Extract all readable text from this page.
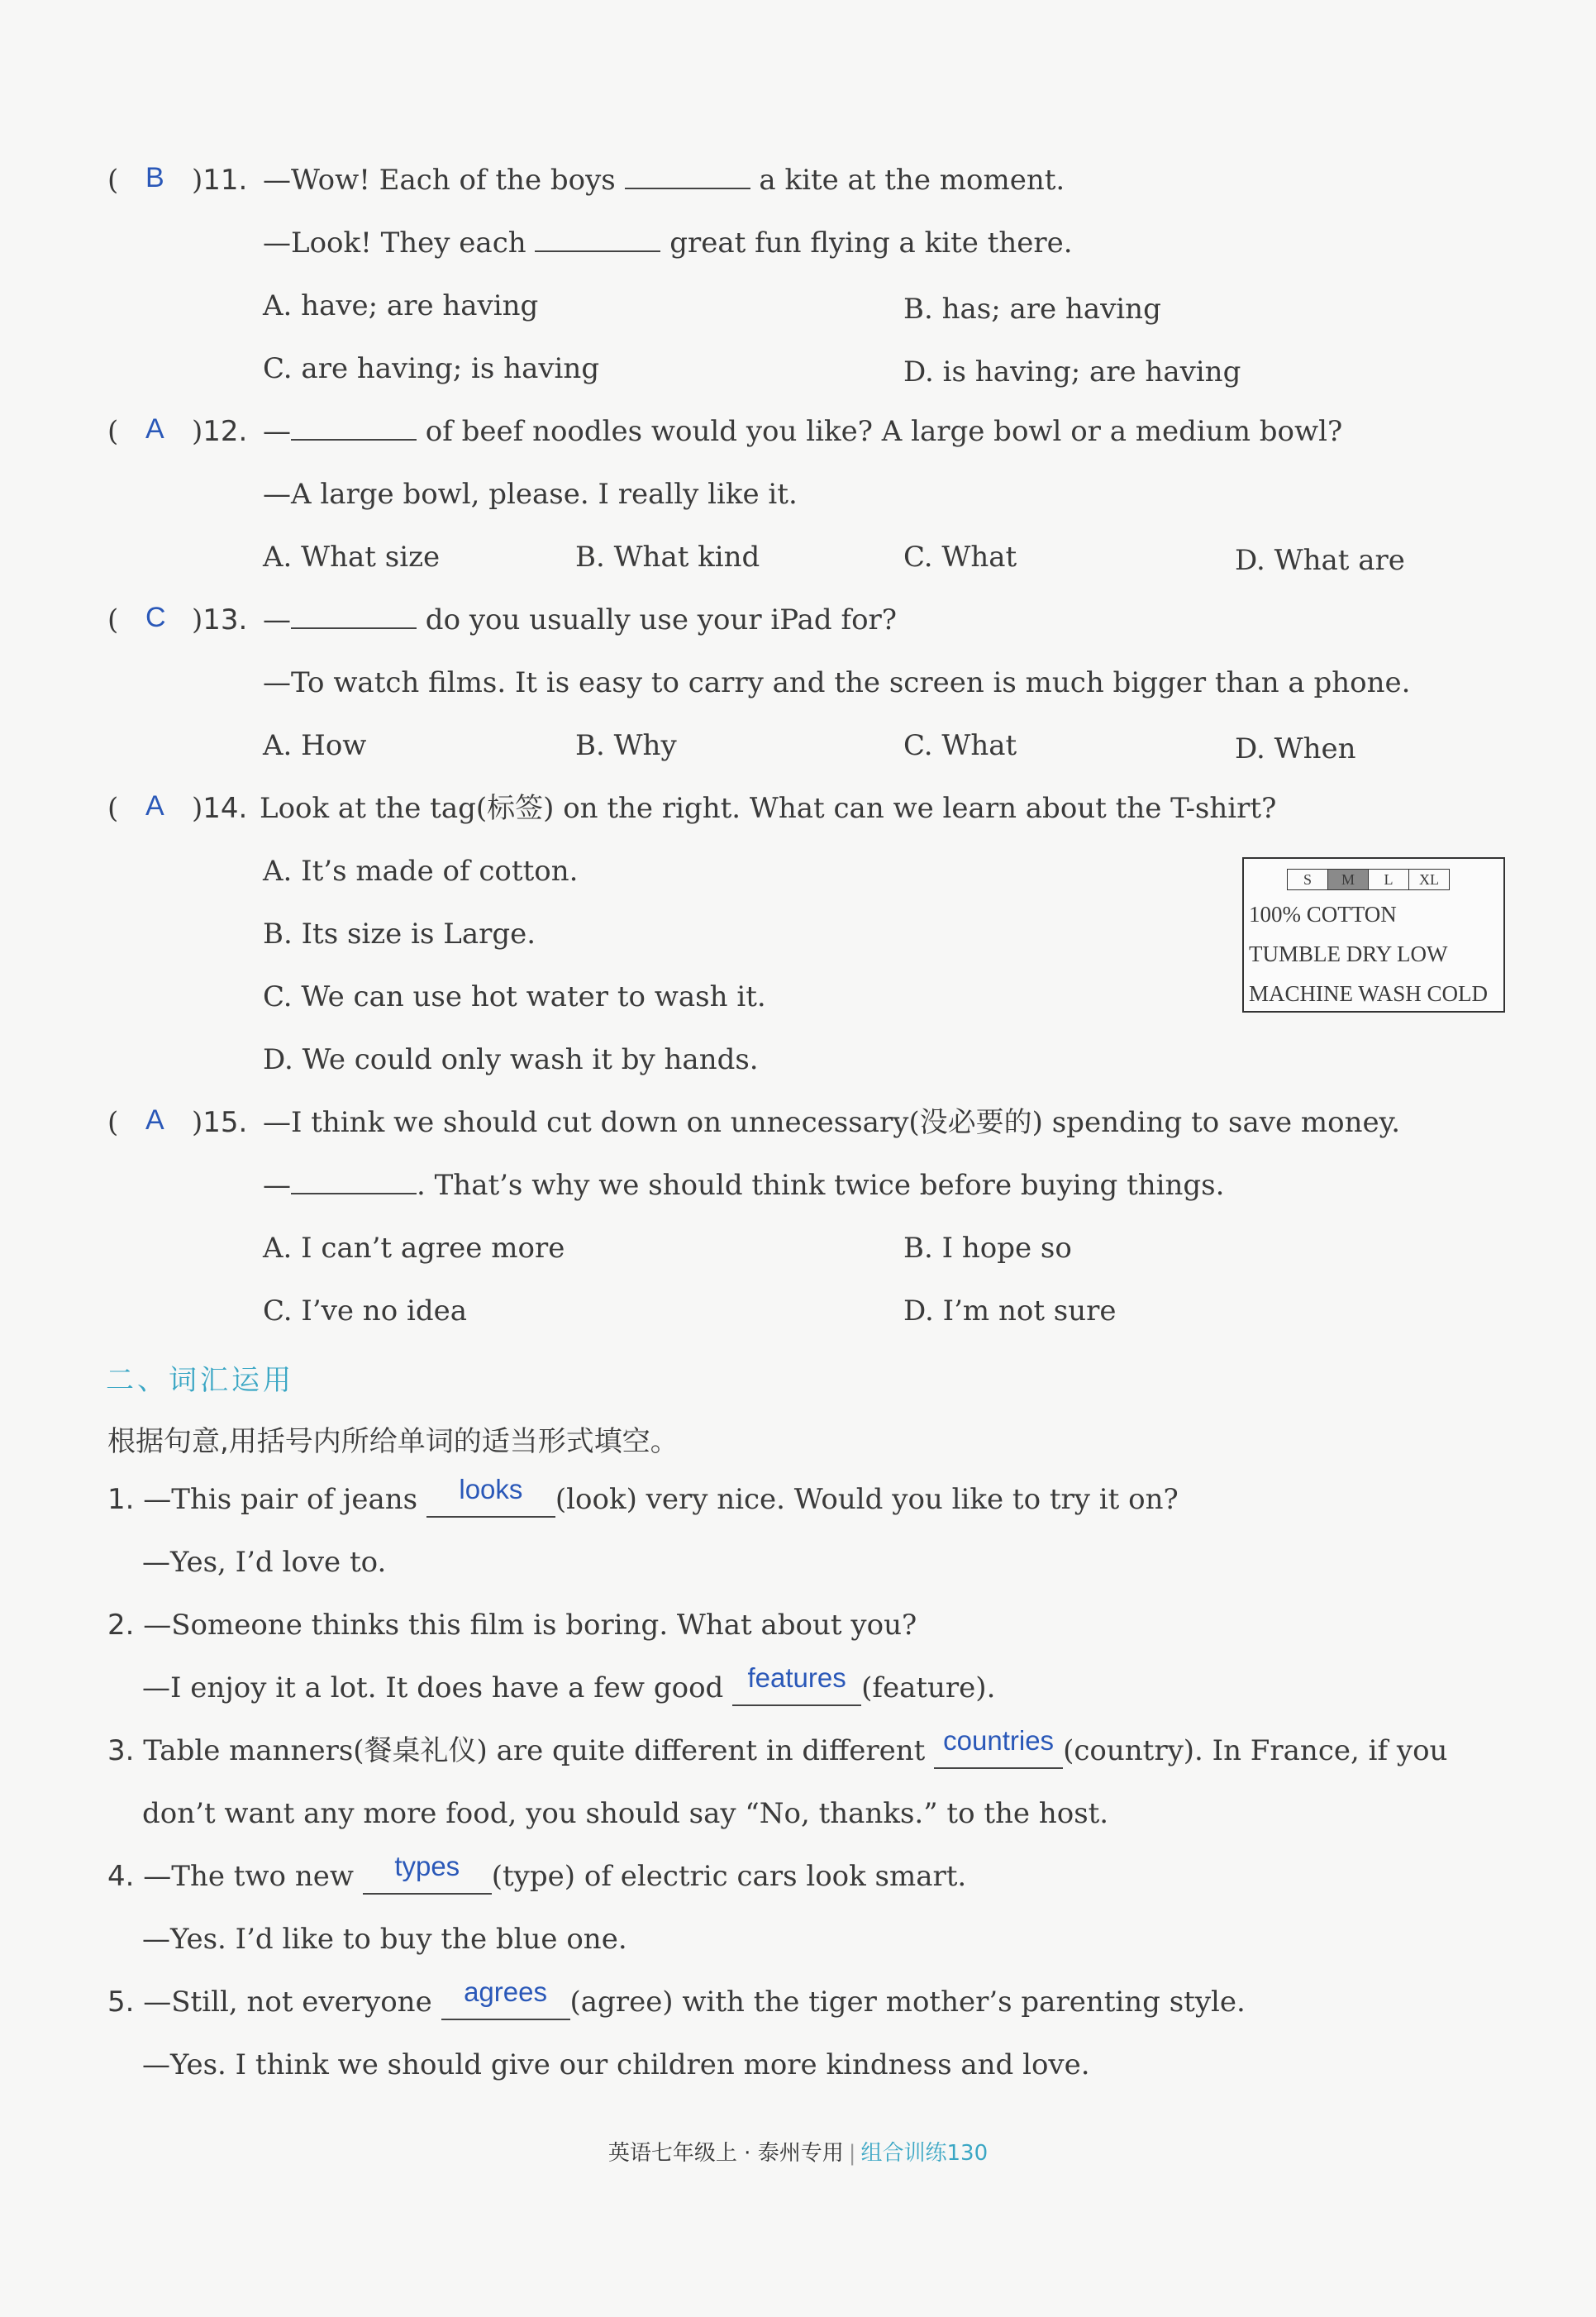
( B )11. —Wow! Each of the boys	a kite at the moment.
—Look! They each	great fun flying a kite there.
A. have; are having	B. has; are having
C. are having; is having	D. is having; are having
( A )12. —	of beef noodles would you like? A large bowl or a medium bowl?
—A large bowl, please. I really like it.
A. What size	B. What kind	C. What	D. What are
( C )13. —	do you usually use your iPad for?
—To watch films. It is easy to carry and the screen is much bigger than a phone.
A. How	B. Why	C. What	D. When
( A )14. Look at the tag(标签) on the right. What can we learn about the T-shirt?
A. It’s made of cotton.
B. Its size is Large.
C. We can use hot water to wash it.
D. We could only wash it by hands.
S	M	L	XL
100% COTTON
TUMBLE DRY LOW
MACHINE WASH COLD
( A )15. —I think we should cut down on unnecessary(没必要的) spending to save money.
—	. That’s why we should think twice before buying things.
A. I can’t agree more	B. I hope so
C. I’ve no idea	D. I’m not sure
二、词汇运用
根据句意,用括号内所给单词的适当形式填空。
1. —This pair of jeans looks (look) very nice. Would you like to try it on?
—Yes, I’d love to.
2. —Someone thinks this film is boring. What about you?
—I enjoy it a lot. It does have a few good features (feature).
3. Table manners(餐桌礼仪) are quite different in different countries (country). In France, if you
don’t want any more food, you should say “No, thanks.” to the host.
4. —The two new types (type) of electric cars look smart.
—Yes. I’d like to buy the blue one.
5. —Still, not everyone agrees (agree) with the tiger mother’s parenting style.
—Yes. I think we should give our children more kindness and love.
英语七年级上 · 泰州专用 | 组合训练130
